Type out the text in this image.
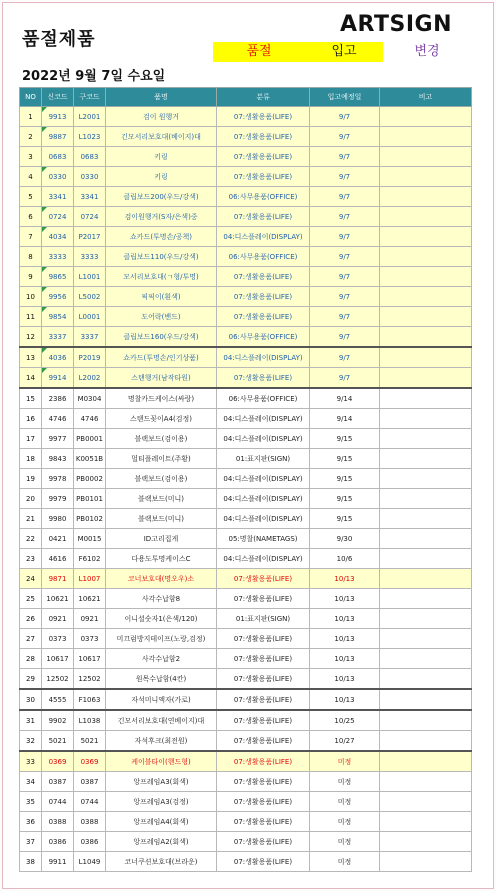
품절제품
ARTSIGN
품절	입고	변경
2022년 9월 7일 수요일
NO	신코드	구코드	품명	분류	입고예정일	비고
1	9913	L2001	검이 원행거	07:생활용품(LIFE)	9/7	
2	9887	L1023	긴모서리보호대(베이지)대	07:생활용품(LIFE)	9/7	
3	0683	0683	키링	07:생활용품(LIFE)	9/7	
4	0330	0330	키링	07:생활용품(LIFE)	9/7	
5	3341	3341	클립보드200(우드/강색)	06:사무용품(OFFICE)	9/7	
6	0724	0724	검이원행거(S자/은색)중	07:생활용품(LIFE)	9/7	
7	4034	P2017	쇼카드(투명손/공책)	04:디스플레이(DISPLAY)	9/7	
8	3333	3333	클립보드110(우드/강색)	06:사무용품(OFFICE)	9/7	
9	9865	L1001	모서리보호대(ㄱ형/투명)	07:생활용품(LIFE)	9/7	
10	9956	L5002	픽픽이(흰색)	07:생활용품(LIFE)	9/7	
11	9854	L0001	도어락(밴드)	07:생활용품(LIFE)	9/7	
12	3337	3337	클립보드160(우드/강색)	06:사무용품(OFFICE)	9/7	
13	4036	P2019	쇼카드(투명손/인기상품)	04:디스플레이(DISPLAY)	9/7	
14	9914	L2002	스탠행거(남작타원)	07:생활용품(LIFE)	9/7	
15	2386	M0304	명찰카드케이스(싸랑)	06:사무용품(OFFICE)	9/14	
16	4746	4746	스탠드꽂이A4(검정)	04:디스플레이(DISPLAY)	9/14	
17	9977	PB0001	블랙보드(검이용)	04:디스플레이(DISPLAY)	9/15	
18	9843	K0051B	멀티플레이트(주황)	01:표지판(SIGN)	9/15	
19	9978	PB0002	블랙보드(검이용)	04:디스플레이(DISPLAY)	9/15	
20	9979	PB0101	블랙보드(미니)	04:디스플레이(DISPLAY)	9/15	
21	9980	PB0102	블랙보드(미니)	04:디스플레이(DISPLAY)	9/15	
22	0421	M0015	ID고리집게	05:명찰(NAMETAGS)	9/30	
23	4616	F6102	다용도투명케이스C	04:디스플레이(DISPLAY)	10/6	
24	9871	L1007	코너보호대(명오우)소	07:생활용품(LIFE)	10/13	
25	10621	10621	사각수납함8	07:생활용품(LIFE)	10/13	
26	0921	0921	이니셜숫자1(은색/120)	01:표지판(SIGN)	10/13	
27	0373	0373	미끄럼방지테이프(노랑,검정)	07:생활용품(LIFE)	10/13	
28	10617	10617	사각수납함2	07:생활용품(LIFE)	10/13	
29	12502	12502	원목수납함(4칸)	07:생활용품(LIFE)	10/13	
30	4555	F1063	자석미니액자(가로)	07:생활용품(LIFE)	10/13	
31	9902	L1038	긴모서리보호대(연베이지)대	07:생활용품(LIFE)	10/25	
32	5021	5021	자석후크(최전원)	07:생활용품(LIFE)	10/27	
33	0369	0369	케이블타이(핸드형)	07:생활용품(LIFE)	미정	
34	0387	0387	앙프레임A3(회색)	07:생활용품(LIFE)	미정	
35	0744	0744	앙프레임A3(검정)	07:생활용품(LIFE)	미정	
36	0388	0388	앙프레임A4(회색)	07:생활용품(LIFE)	미정	
37	0386	0386	앙프레임A2(회색)	07:생활용품(LIFE)	미정	
38	9911	L1049	코너쿠션보호대(브라운)	07:생활용품(LIFE)	미정	
